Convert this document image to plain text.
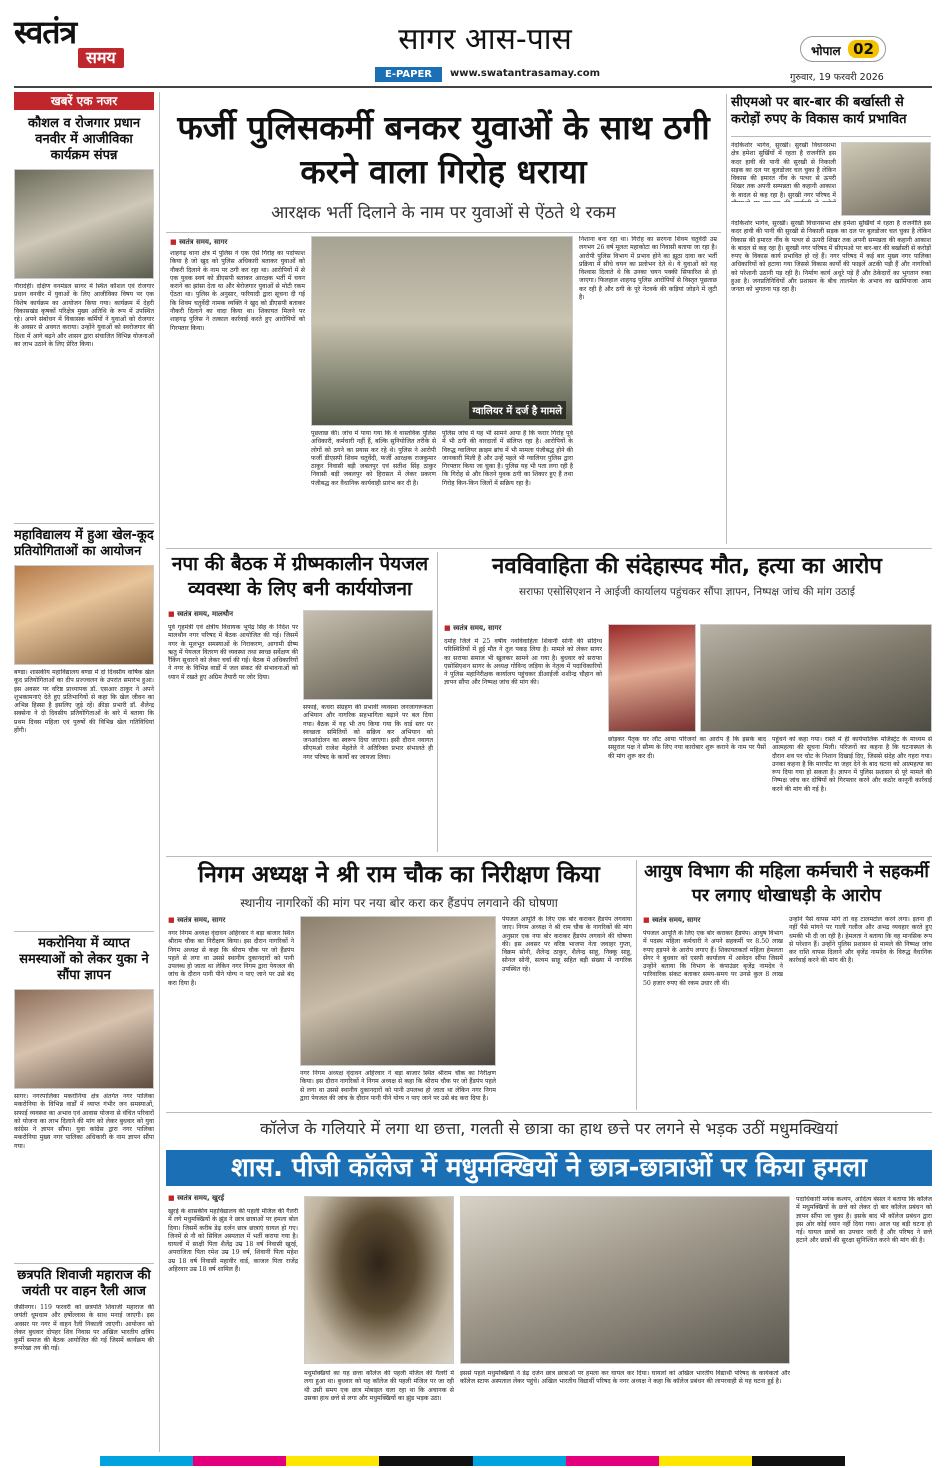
स्वतंत्र
समय
सागर आस-पास
E-PAPER	www.swatantrasamay.com
भोपाल 02
गुरुवार, 19 फरवरी 2026
खबरें एक नजर
कौशल व रोजगार प्रधान वनवीर में आजीविका कार्यक्रम संपन्न
नौरादेही। दक्षिण वनमंडल सागर में स्थित कौशल एवं रोजगार प्रधान वनवीर में युवाओं के लिए आजीविका विषय पर एक विशेष कार्यक्रम का आयोजन किया गया। कार्यक्रम में देहरी विकासखंड कृषकों परिक्षेत्र मुख्य अतिथि के रूप में उपस्थित रहे। अपने संबोधन में विकासक कर्मियों ने युवाओं को रोजगार के अवसर से अवगत कराया। उन्होंने युवाओं को स्वरोजगार की दिशा में आगे बढ़ने और शासन द्वारा संचालित विभिन्न योजनाओं का लाभ उठाने के लिए प्रेरित किया।
महाविद्यालय में हुआ खेल-कूद प्रतियोगिताओं का आयोजन
बण्डा। शासकीय महाविद्यालय बण्डा में दो दिवसीय वार्षिक खेल कूद प्रतियोगिताओं का दीप प्रज्ज्वलन के उपरांत समारंभ हुआ। इस अवसर पर वरिष्ठ प्राध्यापक डॉ. एसआर ठाकुर ने अपने शुभकामनाएं देते हुए प्रतिभागियों से कहा कि खेल जीवन का अभिन्न हिस्सा है इसलिए जुड़े रहें। क्रीड़ा प्रभारी डॉ. शैलेन्द्र सक्सेना ने दो दिवसीय प्रतियोगिताओं के बारे में बताया कि प्रथम दिवस महिला एवं पुरुषों की विभिन्न खेल गतिविधियां होंगी।
मकरोनिया में व्याप्त समस्याओं को लेकर युका ने सौंपा ज्ञापन
सागर। नगरपालिका मकरोनिया क्षेत्र अंतर्गत नगर पालिका मकरोनिया के विभिन्न वार्डों में व्याप्त गंभीर जन समस्याओं, सफाई व्यवस्था का अभाव एवं आवास योजना से वंचित परिवारों को योजना का लाभ दिलाने की मांग को लेकर बुधवार को युवा कांग्रेस ने ज्ञापन सौंपा। युवा कांग्रेस द्वारा नगर पालिका मकरोनिया मुख्य नगर पालिका अधिकारी के नाम ज्ञापन सौंपा गया।
छत्रपति शिवाजी महाराज की जयंती पर वाहन रैली आज
जैसीनगर। 119 फरवरी को छत्रपति शिवाजी महाराज की जयंती धूमधाम और हर्षोल्लास के साथ मनाई जाएगी। इस अवसर पर नगर में वाहन रैली निकाली जाएगी। आयोजन को लेकर बुधवार दोपहर शिव निवास पर अखिल भारतीय क्षत्रिय कुर्मी समाज की बैठक आयोजित की गई जिसमें कार्यक्रम की रूपरेखा तय की गई।
फर्जी पुलिसकर्मी बनकर युवाओं के साथ ठगी करने वाला गिरोह धराया
आरक्षक भर्ती दिलाने के नाम पर युवाओं से ऐंठते थे रकम
■ स्वतंत्र समय, सागर
शाहगढ़ थाना क्षेत्र में पुलिस ने एक ऐसे गिरोह का पर्दाफाश किया है जो खुद को पुलिस अधिकारी बताकर युवाओं को नौकरी दिलाने के नाम पर ठगी कर रहा था। आरोपियों में से एक युवक स्वयं को डीएसपी बताकर आरक्षक भर्ती में चयन कराने का झांसा देता था और बेरोजगार युवाओं से मोटी रकम ऐंठता था। पुलिस के अनुसार, फरियादी द्वारा सूचना दी गई कि शिवम चतुर्वेदी नामक व्यक्ति ने खुद को डीएसपी बताकर नौकरी दिलाने का वादा किया था। शिकायत मिलने पर शाहगढ़ पुलिस ने तत्काल कार्रवाई करते हुए आरोपियों को गिरफ्तार किया।
ग्वालियर में दर्ज है मामले
पूछताछ की। जांच में पाया गया कि वे वास्तविक पुलिस अधिकारी, कर्मचारी नहीं हैं, बल्कि सुनियोजित तरीके से लोगों को ठगने का प्रयास कर रहे थे। पुलिस ने आरोपी फर्जी डीएसपी शिवम चतुर्वेदी, फर्जी आरक्षक राजकुमार ठाकुर निवासी बड़ी जबलपुर एवं सतीश सिंह ठाकुर निवासी बड़ी जबलपुर को हिरासत में लेकर प्रकरण पंजीबद्ध कर वैधानिक कार्यवाही प्रारंभ कर दी है।
पुलिस जांच में यह भी सामने आया है कि फरार गिरोह पूर्व में भी ठगी की वारदातों में संलिप्त रहा है। आरोपियों के विरुद्ध ग्वालियर क्राइम ब्रांच में भी मामला पंजीबद्ध होने की जानकारी मिली है और उन्हें पहले भी ग्वालियर पुलिस द्वारा गिरफ्तार किया जा चुका है। पुलिस यह भी पता लगा रही है कि गिरोह से और कितने युवक ठगी का शिकार हुए हैं तथा गिरोह किन-किन जिलों में सक्रिय रहा है।
निशाना बना रहा था। गिरोह का सरगना शिवम चतुर्वेदी उम्र लगभग 26 वर्ष मूलतः महाकोटा का निवासी बताया जा रहा है। आरोपी पुलिस विभाग में प्रभाव होने का झूठा दावा कर भर्ती प्रक्रिया में सीधे चयन का प्रलोभन देते थे। ये युवाओं को यह विश्वास दिलाते थे कि उनका चयन पक्की सिफारिश से हो जाएगा। फिलहाल शाहगढ़ पुलिस आरोपियों से विस्तृत पूछताछ कर रही है और ठगी के पूरे नेटवर्क की कड़ियां जोड़ने में जुटी है।
सीएमओ पर बार-बार की बर्खास्ती से करोड़ों रुपए के विकास कार्य प्रभावित
नंदकिशोर भार्गव, सुरखी। सुरखी विधानसभा क्षेत्र हमेशा सुर्खियों में रहता है राजनीति इस कदर हावी की पानी की सुरखी से निकाली सड़क का दल पर बुलडोजर चल चुका है लेकिन विकास की इमारत नींव के पत्थर से ऊपरी शिखर तक अपनी सम्पन्नता की कहानी आकाश के बादल से कह रहा है। सुरखी नगर परिषद में
नंदकिशोर भार्गव, सुरखी। सुरखी विधानसभा क्षेत्र हमेशा सुर्खियों में रहता है राजनीति इस कदर हावी की पानी की सुरखी से निकाली सड़क का दल पर बुलडोजर चल चुका है लेकिन विकास की इमारत नींव के पत्थर से ऊपरी शिखर तक अपनी सम्पन्नता की कहानी आकाश के बादल से कह रहा है। सुरखी नगर परिषद में सीएमओ पर बार-बार की बर्खास्ती से करोड़ों रुपए के विकास कार्य प्रभावित हो रहे हैं। नगर परिषद में कई बार मुख्य नगर पालिका अधिकारियों को हटाया गया जिससे विकास कार्यों की फाइलें अटकी पड़ी हैं और नागरिकों को परेशानी उठानी पड़ रही है। निर्माण कार्य अधूरे पड़े हैं और ठेकेदारों का भुगतान रुका हुआ है। जनप्रतिनिधियों और प्रशासन के बीच तालमेल के अभाव का खामियाजा आम जनता को भुगतना पड़ रहा है।
नपा की बैठक में ग्रीष्मकालीन पेयजल व्यवस्था के लिए बनी कार्ययोजना
■ स्वतंत्र समय, मालथौन
पूर्व गृहमंत्री एवं क्षेत्रीय विधायक भूपेंद्र सिंह के निर्देश पर मालथौन नगर परिषद में बैठक आयोजित की गई। जिसमें नगर के मूलभूत समस्याओं के निराकरण, आगामी ग्रीष्म ऋतु में पेयजल वितरण की व्यवस्था तथा स्वच्छ सर्वेक्षण की रैंकिंग सुधारने को लेकर चर्चा की गई। बैठक में अधिकारियों ने नगर के विभिन्न वार्डों में जल संकट की संभावनाओं को ध्यान में रखते हुए अग्रिम तैयारी पर जोर दिया।
सफाई, कचरा संग्रहण की प्रभावी व्यवस्था जनजागरूकता अभियान और नागरिक सहभागिता बढ़ाने पर बल दिया गया। बैठक में यह भी तय किया गया कि वार्ड स्तर पर स्वच्छता समितियों को सक्रिय कर अभियान को जनआंदोलन का स्वरूप दिया जाएगा। इसी दौरान नवागत सीएमओ राजेश मेहतेले ने अतिरिक्त प्रभार संभालते ही नगर परिषद के कार्यों का जायजा लिया।
नवविवाहिता की संदेहास्पद मौत, हत्या का आरोप
सराफा एसोसिएशन ने आईजी कार्यालय पहुंचकर सौंपा ज्ञापन, निष्पक्ष जांच की मांग उठाई
■ स्वतंत्र समय, सागर
दमोह जिले में 25 वर्षीय नवविवाहिता शिवानी सोनी की संदिग्ध परिस्थितियों में हुई मौत ने तूल पकड़ लिया है। मामले को लेकर सागर का सराफा समाज भी खुलकर सामने आ गया है। बुधवार को सराफा एसोसिएशन सागर के अध्यक्ष गोविन्द जड़िया के नेतृत्व में पदाधिकारियों ने पुलिस महानिरीक्षक कार्यालय पहुंचकर डीआईजी शशीन्द्र चौहान को ज्ञापन सौंपा और निष्पक्ष जांच की मांग की।
छोड़कर पैतृक घर लौट आया परिजनों का आरोप है कि इसके बाद ससुराल पक्ष ने सौम्य के लिए नया कारोबार शुरू कराने के नाम पर पैसों की मांग शुरू कर दी।
पहुंचने को कहा गया। रास्ते में ही कार्यपालिक मजिस्ट्रेट के माध्यम से आत्महत्या की सूचना मिली। परिजनों का कहना है कि घटनास्थल के दौरान शव पर चोट के निशान दिखाई दिए, जिससे संदेह और गहरा गया। उनका कहना है कि मारपीट या जहर देने के बाद घटना को आत्महत्या का रूप दिया गया हो सकता है। ज्ञापन में पुलिस प्रशासन से पूरे मामले की निष्पक्ष जांच कर दोषियों को गिरफ्तार करने और कठोर कानूनी कार्रवाई करने की मांग की गई है।
निगम अध्यक्ष ने श्री राम चौक का निरीक्षण किया
स्थानीय नागरिकों की मांग पर नया बोर करा कर हैंडपंप लगवाने की घोषणा
■ स्वतंत्र समय, सागर
नगर निगम अध्यक्ष वृंदावन अहिरवार ने बड़ा बाजार स्थित श्रीराम चौक का निरीक्षण किया। इस दौरान नागरिकों ने निगम अध्यक्ष से कहा कि श्रीराम चौक पर जो हैंडपंप पहले से लगा था उससे स्थानीय दुकानदारों को पानी उपलब्ध हो जाता था लेकिन नगर निगम द्वारा पेयजल की जांच के दौरान पानी पीने योग्य न पाए जाने पर उसे बंद करा दिया है।
नगर निगम अध्यक्ष वृंदावन अहिरवार ने बड़ा बाजार स्थित श्रीराम चौक का निरीक्षण किया। इस दौरान नागरिकों ने निगम अध्यक्ष से कहा कि श्रीराम चौक पर जो हैंडपंप पहले से लगा था उससे स्थानीय दुकानदारों को पानी उपलब्ध हो जाता था लेकिन नगर निगम द्वारा पेयजल की जांच के दौरान पानी पीने योग्य न पाए जाने पर उसे बंद करा दिया है।
पेयजल आपूर्ति के लिए एक बोर कराकर हैंडपंप लगवाया जाए। निगम अध्यक्ष ने श्री राम चौक के नागरिकों की मांग अनुसार एक नया बोर कराकर हैंडपंप लगवाने की घोषणा की। इस अवसर पर वरिष्ठ भाजपा नेता जवाहर गुप्ता, विक्रम सोनी, शैलेन्द्र ठाकुर, शैलेन्द्र साहू, निक्कू साहू, सोनल सोनी, सत्यम साहू सहित बड़ी संख्या में नागरिक उपस्थित रहे।
आयुष विभाग की महिला कर्मचारी ने सहकर्मी पर लगाए धोखाधड़ी के आरोप
■ स्वतंत्र समय, सागर
पेयजल आपूर्ति के लिए एक बोर कराकर हैंडपंप। आयुष विभाग में पदस्थ महिला कर्मचारी ने अपने सहकर्मी पर 8.50 लाख रुपए हड़पने के आरोप लगाए हैं। शिकायतकर्ता महिला हेमलता सेंगर ने बुधवार को एसपी कार्यालय में आवेदन सौंपा जिसमें उन्होंने बताया कि विभाग के कंपाउंडर बृजेंद्र नामदेव ने पारिवारिक संकट बताकर समय-समय पर उनसे कुल 8 लाख 50 हजार रुपए की रकम उधार ली थी।
उन्होंने पैसे वापस मांगे तो वह टालमटोल करने लगा। इतना ही नहीं पैसे मांगने पर गाली गलौज और अभद्र व्यवहार करते हुए धमकी भी दी जा रही है। हेमलता ने बताया कि वह मानसिक रूप से परेशान हैं। उन्होंने पुलिस प्रशासन से मामले की निष्पक्ष जांच कर राशि वापस दिलाने और बृजेंद्र नामदेव के विरुद्ध वैधानिक कार्रवाई करने की मांग की है।
कॉलेज के गलियारे में लगा था छत्ता, गलती से छात्रा का हाथ छत्ते पर लगने से भड़क उठीं मधुमक्खियां
शास. पीजी कॉलेज में मधुमक्खियों ने छात्र-छात्राओं पर किया हमला
■ स्वतंत्र समय, खुरई
खुरई के शासकीय महाविद्यालय की पहली मंजिल की गैलरी में लगे मधुमक्खियों के झुंड ने छात्र छात्राओं पर हमला बोल दिया। जिसमें करीब डेढ़ दर्जन छात्र छात्राएं घायल हो गए। जिनमें से नौ को सिविल अस्पताल में भर्ती कराया गया है। घायलों में साक्षी पिता शैलेंद्र उम्र 18 वर्ष निवासी खुरई, अपराजिता पिता रमेश उम्र 19 वर्ष, शिवानी पिता महेश उम्र 18 वर्ष निवासी महावीर वार्ड, काजल पिता राजेंद्र अहिरवार उम्र 18 वर्ष शामिल हैं।
मधुमक्खियों का यह छत्ता कॉलेज की पहली मंजिल की गैलरी में लगा हुआ था। बुधवार को यह कॉलेज की पहली मंजिल पर जा रही थी उसी समय एक छात्र मोबाइल चला रहा था कि अचानक से उसका हाथ छत्ते से लगा और मधुमक्खियों का झुंड भड़क उठा।
इससे पहले मधुमक्खियों ने डेढ़ दर्जन छात्र छात्राओं पर हमला कर घायल कर दिया। घायलों को अखिल भारतीय विद्यार्थी परिषद के कार्यकर्ता और कॉलेज स्टाफ अस्पताल लेकर पहुंचे। अखिल भारतीय विद्यार्थी परिषद के नगर अध्यक्ष ने कहा कि कॉलेज प्रबंधन की लापरवाही से यह घटना हुई है।
पदाधिकारी मयंक कश्यप, आदित्य बंसल ने बताया कि कॉलेज में मधुमक्खियों के छत्ते को लेकर दो बार कॉलेज प्रबंधन को ज्ञापन सौंपा जा चुका है। इसके बाद भी कॉलेज प्रबंधन द्वारा इस ओर कोई ध्यान नहीं दिया गया। आज यह बड़ी घटना हो गई। घायल छात्रों का उपचार जारी है और परिषद ने छत्ते हटाने और छात्रों की सुरक्षा सुनिश्चित करने की मांग की है।
